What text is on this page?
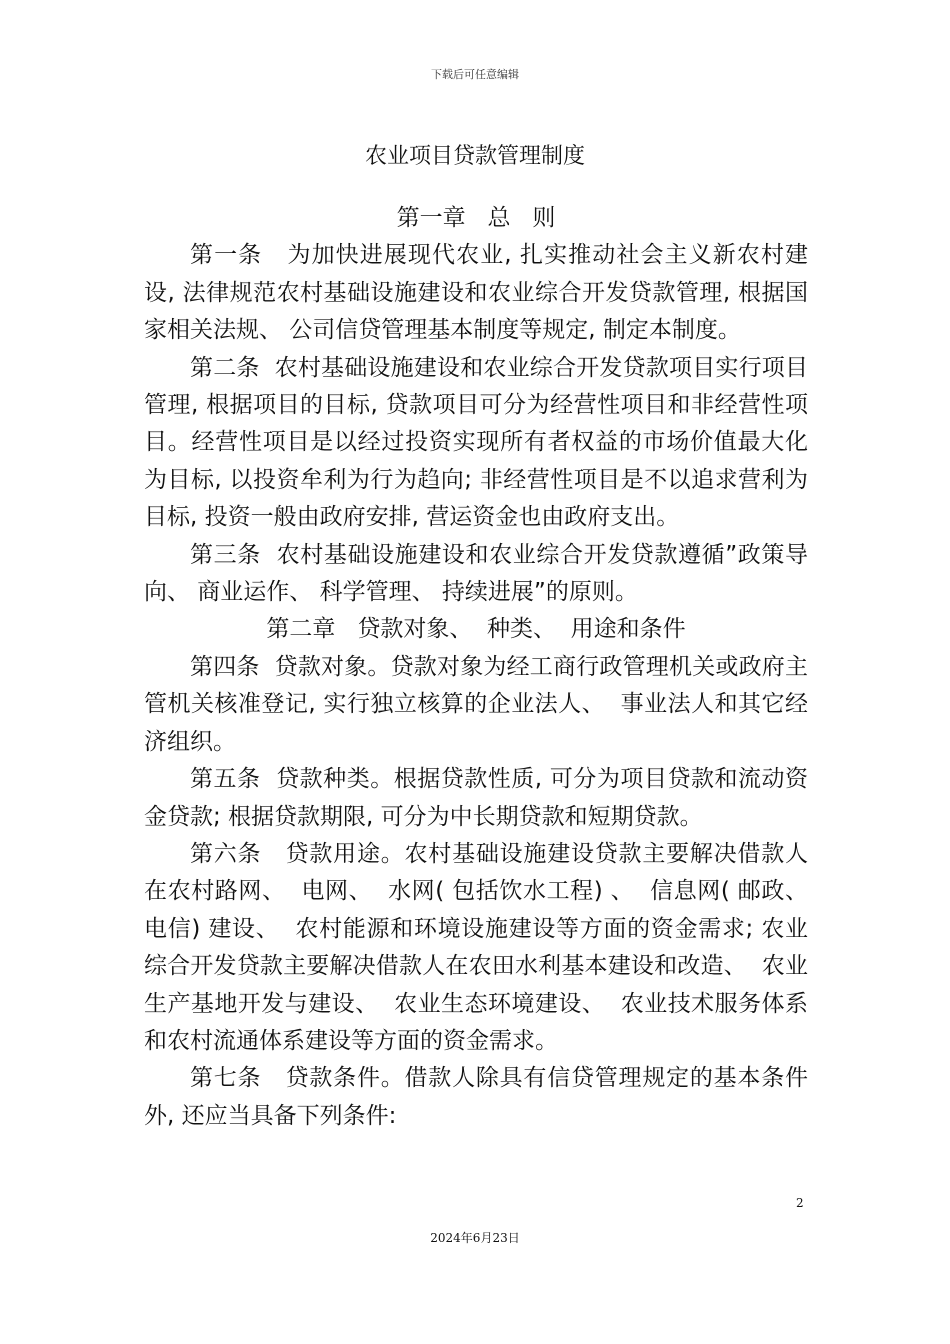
下载后可任意编辑
农业项目贷款管理制度

第一章   总   则

第一条   为加快进展现代农业, 扎实推动社会主义新农村建设, 法律规范农村基础设施建设和农业综合开发贷款管理, 根据国家相关法规、 公司信贷管理基本制度等规定, 制定本制度。

第二条  农村基础设施建设和农业综合开发贷款项目实行项目管理, 根据项目的目标, 贷款项目可分为经营性项目和非经营性项目。经营性项目是以经过投资实现所有者权益的市场价值最大化为目标, 以投资牟利为行为趋向; 非经营性项目是不以追求营利为目标, 投资一般由政府安排, 营运资金也由政府支出。

第三条  农村基础设施建设和农业综合开发贷款遵循”政策导向、 商业运作、 科学管理、 持续进展”的原则。

第二章   贷款对象、  种类、  用途和条件

第四条  贷款对象。贷款对象为经工商行政管理机关或政府主管机关核准登记, 实行独立核算的企业法人、  事业法人和其它经济组织。

第五条  贷款种类。根据贷款性质, 可分为项目贷款和流动资金贷款; 根据贷款期限, 可分为中长期贷款和短期贷款。

第六条   贷款用途。农村基础设施建设贷款主要解决借款人在农村路网、  电网、  水网( 包括饮水工程) 、  信息网( 邮政、电信) 建设、  农村能源和环境设施建设等方面的资金需求; 农业综合开发贷款主要解决借款人在农田水利基本建设和改造、  农业生产基地开发与建设、  农业生态环境建设、  农业技术服务体系和农村流通体系建设等方面的资金需求。

第七条   贷款条件。借款人除具有信贷管理规定的基本条件外, 还应当具备下列条件:

2
2024年6月23日
